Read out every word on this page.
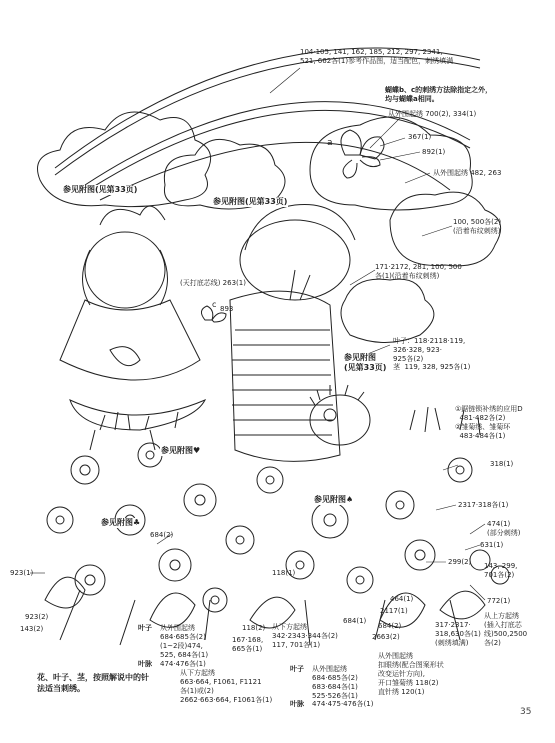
104·105, 141, 162, 185, 212, 297, 2341,
521, 662各(1)参考作品图，适当配色，刺绣填满
蝴蝶b、c的刺绣方法除指定之外，
均与蝴蝶a相同。
从外围起绣 700(2), 334(1)
a
367(1)
892(1)
从外围起绣 482, 263
100, 500各(2)
(沿着布纹刺绣)
171·2172, 281, 100, 500
各(1)(沿着布纹刺绣)
(天打底芯线) 263(1)
c 893
叶子：118·2118·119,
326·328, 923·
925各(2)
茎  119, 328, 925各(1)
①鋸链锁补绣的应用D
481·482各(2)
②雏菊绣、雏菊环
483·484各(1)
318(1)
2317·318各(1)
474(1)
(部分刺绣)
631(1)
299(2) 143, 299,
701各(2)
772(1)
从上方起绣
(插入打底芯
线)500,2500
各(2)
317·2317·
318,630各(1)
(刺绣填满)
684(2)
923(1)
923(2)
143(2)
118(1)
118(2)
684(1)
684(2)
464(1)
2117(1)
2663(2)
叶子 从外围起绣
684·685各(2)
(1~2段)474,
525, 684各(1)
叶脉 474·476各(1)
从下方起绣
663·664, F1061, F1121
各(1)或(2)
2662·663·664, F1061各(1)
167·168,
665各(1)
从下方起绣
342·2343·344各(2)
117, 701各(1)
叶子 从外围起绣
684·685各(2)
683·684各(1)
525·526各(1)
叶脉 474·475·476各(1)
从外围起绣
扣眼绣(配合图案形状
改变运针方向),
开口雏菊绣 118(2)
直针绣 120(1)
参见附图(见第33页)
参见附图(见第33页)
参见附图
(见第33页)
参见附图♥
参见附图♠
参见附图♣
花、叶子、茎，按照解说中的针
法适当刺绣。
35
